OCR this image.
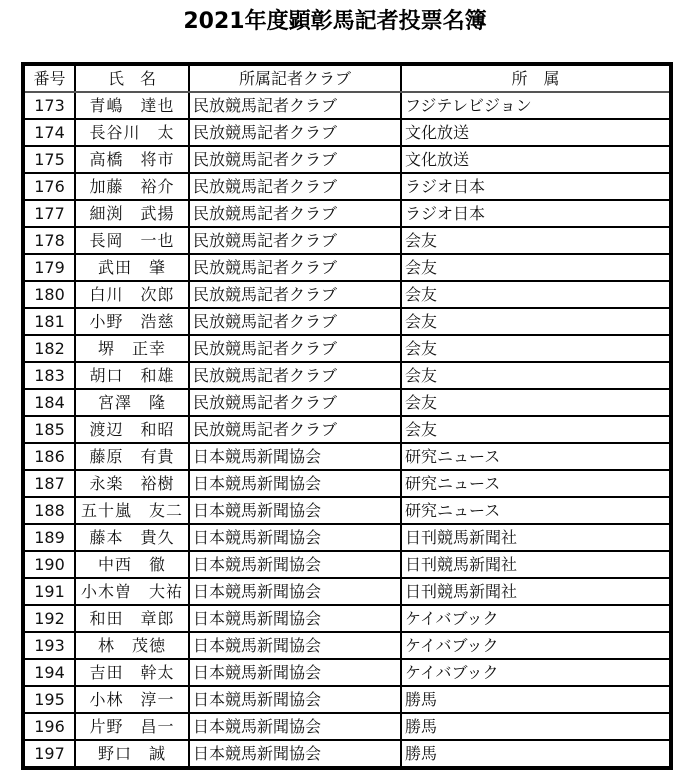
2021年度顕彰馬記者投票名簿
番号	氏　名	所属記者クラブ	所　属
173	青嶋　達也	民放競馬記者クラブ	フジテレビジョン
174	長谷川　太	民放競馬記者クラブ	文化放送
175	高橋　将市	民放競馬記者クラブ	文化放送
176	加藤　裕介	民放競馬記者クラブ	ラジオ日本
177	細渕　武揚	民放競馬記者クラブ	ラジオ日本
178	長岡　一也	民放競馬記者クラブ	会友
179	武田　肇	民放競馬記者クラブ	会友
180	白川　次郎	民放競馬記者クラブ	会友
181	小野　浩慈	民放競馬記者クラブ	会友
182	堺　正幸	民放競馬記者クラブ	会友
183	胡口　和雄	民放競馬記者クラブ	会友
184	宮澤　隆	民放競馬記者クラブ	会友
185	渡辺　和昭	民放競馬記者クラブ	会友
186	藤原　有貴	日本競馬新聞協会	研究ニュース
187	永楽　裕樹	日本競馬新聞協会	研究ニュース
188	五十嵐　友二	日本競馬新聞協会	研究ニュース
189	藤本　貴久	日本競馬新聞協会	日刊競馬新聞社
190	中西　徹	日本競馬新聞協会	日刊競馬新聞社
191	小木曽　大祐	日本競馬新聞協会	日刊競馬新聞社
192	和田　章郎	日本競馬新聞協会	ケイバブック
193	林　茂徳	日本競馬新聞協会	ケイバブック
194	吉田　幹太	日本競馬新聞協会	ケイバブック
195	小林　淳一	日本競馬新聞協会	勝馬
196	片野　昌一	日本競馬新聞協会	勝馬
197	野口　誠	日本競馬新聞協会	勝馬
